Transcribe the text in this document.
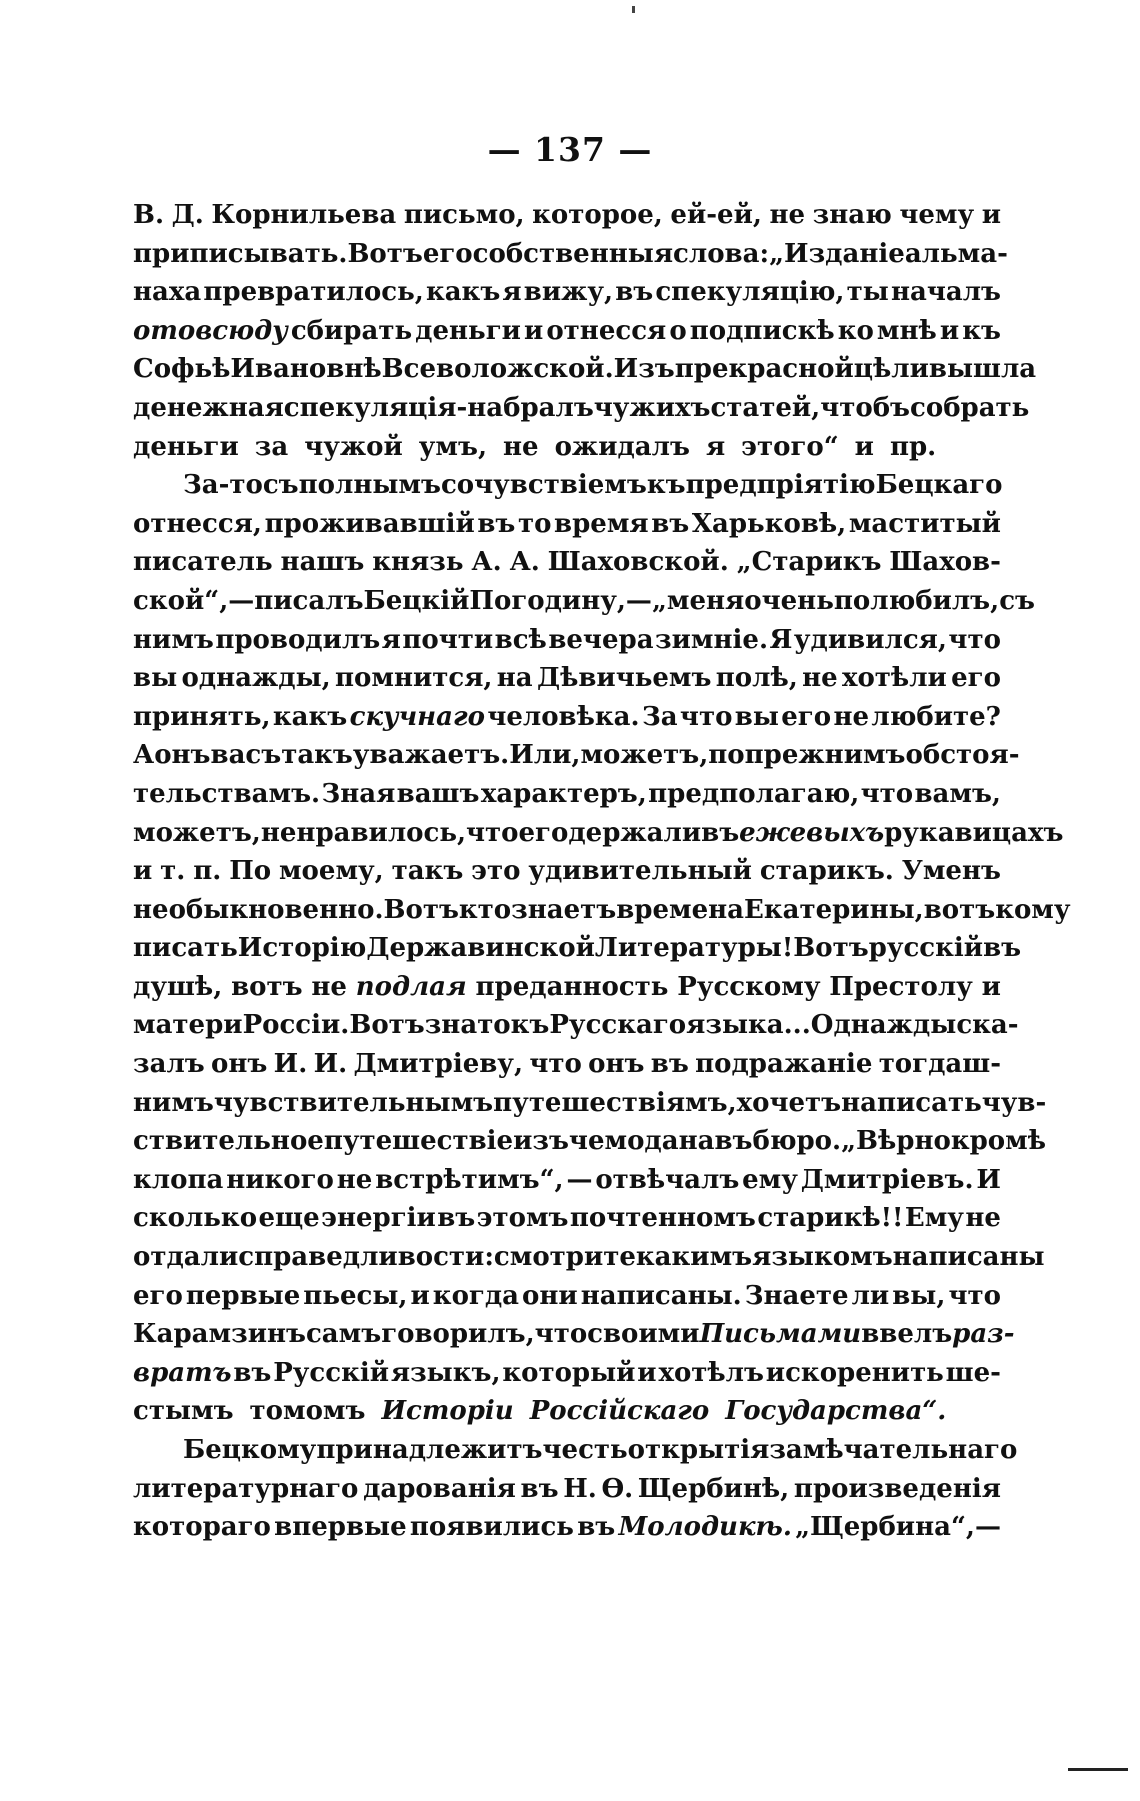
— 137 —
В. Д. Корнильева письмо, которое, ей-ей, не знаю чему и
приписывать. Вотъ его собственныя слова: „Изданіе альма-
наха превратилось, какъ я вижу, въ спекуляцію, ты началъ
отовсюду сбирать деньги и отнесся о подпискѣ ко мнѣ и къ
Софьѣ Ивановнѣ Всеволожской. Изъ прекрасной цѣли вышла
денежная спекуляція - набралъ чужихъ статей, чтобъ собрать
деньги за чужой умъ, не ожидалъ я этого“ и пр.
За-то съ полнымъ сочувствіемъ къ предпріятію Бецкаго
отнесся, проживавшій въ то время въ Харьковѣ, маститый
писатель нашъ князь А. А. Шаховской. „Старикъ Шахов-
ской“,—писалъ Бецкій Погодину,— „меня очень полюбилъ, съ
нимъ проводилъ я почти всѣ вечера зимніе. Я удивился, что
вы однажды, помнится, на Дѣвичьемъ полѣ, не хотѣли его
принять, какъ скучнаго человѣка. За что вы его не любите?
А онъ васъ такъ уважаетъ. Или, можетъ, по прежнимъ обстоя-
тельствамъ. Зная вашъ характеръ, предполагаю, что вамъ,
можетъ, не нравилось, что его держали въ ежевыхъ рукавицахъ
и т. п. По моему, такъ это удивительный старикъ. Уменъ
необыкновенно. Вотъ кто знаетъ времена Екатерины, вотъ кому
писать Исторію Державинской Литературы! Вотъ русскій въ
душѣ, вотъ не подлая преданность Русскому Престолу и
матери Россіи. Вотъ знатокъ Русскаго языка... Однажды ска-
залъ онъ И. И. Дмитріеву, что онъ въ подражаніе тогдаш-
нимъ чувствительнымъ путешествіямъ, хочетъ написать чув-
ствительное путешествіе изъ чемодана въ бюро. „Вѣрно кромѣ
клопа никого не встрѣтимъ“, — отвѣчалъ ему Дмитріевъ. И
сколько еще энергіи въ этомъ почтенномъ старикѣ!! Ему не
отдали справедливости: смотрите какимъ языкомъ написаны
его первые пьесы, и когда они написаны. Знаете ли вы, что
Карамзинъ самъ говорилъ, что своими Письмами ввелъ раз-
вратъ въ Русскій языкъ, который и хотѣлъ искоренить ше-
стымъ томомъ Исторіи Россійскаго Государства“.
Бецкому принадлежитъ честь открытія замѣчательнаго
литературнаго дарованія въ Н. Ѳ. Щербинѣ, произведенія
котораго впервые появились въ Молодикѣ. „Щербина“,—
